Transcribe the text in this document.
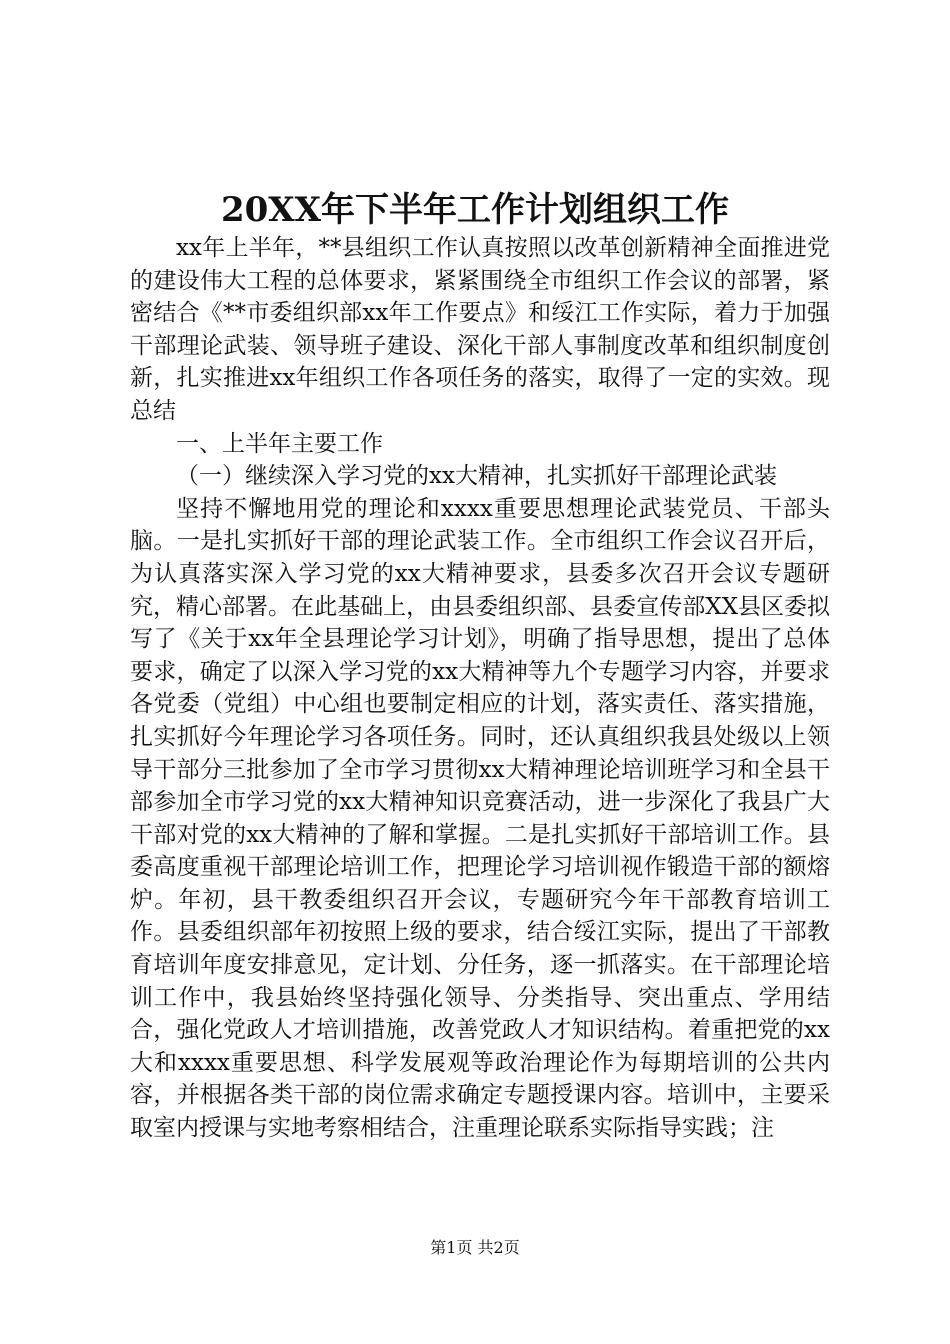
20XX年下半年工作计划组织工作

xx年上半年，**县组织工作认真按照以改革创新精神全面推进党的建设伟大工程的总体要求，紧紧围绕全市组织工作会议的部署，紧密结合《**市委组织部xx年工作要点》和绥江工作实际，着力于加强干部理论武装、领导班子建设、深化干部人事制度改革和组织制度创新，扎实推进xx年组织工作各项任务的落实，取得了一定的实效。现总结

一、上半年主要工作

（一）继续深入学习党的xx大精神，扎实抓好干部理论武装

坚持不懈地用党的理论和xxxx重要思想理论武装党员、干部头脑。一是扎实抓好干部的理论武装工作。全市组织工作会议召开后，为认真落实深入学习党的xx大精神要求，县委多次召开会议专题研究，精心部署。在此基础上，由县委组织部、县委宣传部XX县区委拟写了《关于xx年全县理论学习计划》，明确了指导思想，提出了总体要求，确定了以深入学习党的xx大精神等九个专题学习内容，并要求各党委（党组）中心组也要制定相应的计划，落实责任、落实措施，扎实抓好今年理论学习各项任务。同时，还认真组织我县处级以上领导干部分三批参加了全市学习贯彻xx大精神理论培训班学习和全县干部参加全市学习党的xx大精神知识竞赛活动，进一步深化了我县广大干部对党的xx大精神的了解和掌握。二是扎实抓好干部培训工作。县委高度重视干部理论培训工作，把理论学习培训视作锻造干部的额熔炉。年初，县干教委组织召开会议，专题研究今年干部教育培训工作。县委组织部年初按照上级的要求，结合绥江实际，提出了干部教育培训年度安排意见，定计划、分任务，逐一抓落实。在干部理论培训工作中，我县始终坚持强化领导、分类指导、突出重点、学用结合，强化党政人才培训措施，改善党政人才知识结构。着重把党的xx大和xxxx重要思想、科学发展观等政治理论作为每期培训的公共内容，并根据各类干部的岗位需求确定专题授课内容。培训中，主要采取室内授课与实地考察相结合，注重理论联系实际指导实践；注

第1页 共2页
